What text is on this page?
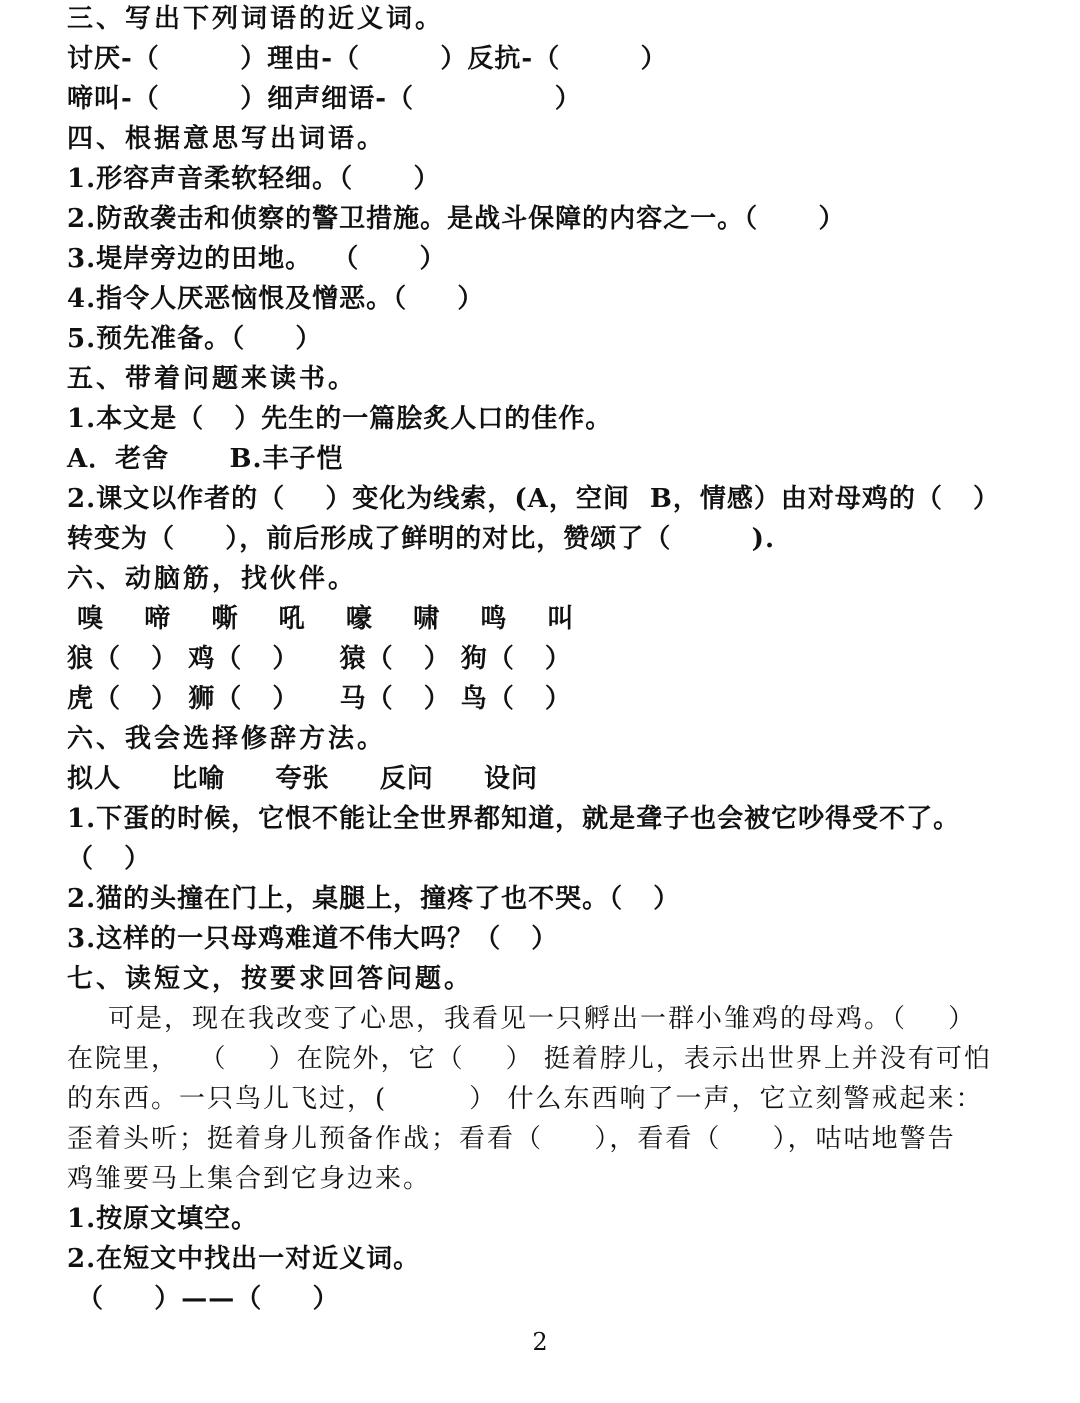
三、写出下列词语的近义词。
讨厌-（        ）理由-（        ）反抗-（        ）
啼叫-（        ）细声细语-（              ）
四、根据意思写出词语。
1.形容声音柔软轻细。（      ）
2.防敌袭击和侦察的警卫措施。是战斗保障的内容之一。（      ）
3.堤岸旁边的田地。  （      ）
4.指令人厌恶恼恨及憎恶。（     ）
5.预先准备。（     ）
五、带着问题来读书。
1.本文是（   ）先生的一篇脍炙人口的佳作。
A．老舍      B.丰子恺
2.课文以作者的（    ）变化为线索，(A，空间  B，情感）由对母鸡的（   ）
转变为（     ），前后形成了鲜明的对比，赞颂了（        ).
六、动脑筋，找伙伴。
嗅    啼    嘶    吼    嚎    啸    鸣    叫
狼（   ） 鸡（   ）    猿（   ） 狗（   ）
虎（   ） 狮（   ）    马（   ） 鸟（   ）
六、我会选择修辞方法。
拟人     比喻     夸张     反问     设问
1.下蛋的时候，它恨不能让全世界都知道，就是聋子也会被它吵得受不了。
（   ）
2.猫的头撞在门上，桌腿上，撞疼了也不哭。（   ）
3.这样的一只母鸡难道不伟大吗？（   ）
七、读短文，按要求回答问题。
可是，现在我改变了心思，我看见一只孵出一群小雏鸡的母鸡。（    ）
在院里，  （    ）在院外，它（    ） 挺着脖儿，表示出世界上并没有可怕
的东西。一只鸟儿飞过，(        ） 什么东西响了一声，它立刻警戒起来：
歪着头听；挺着身儿预备作战；看看（     ），看看（     ），咕咕地警告
鸡雏要马上集合到它身边来。
1.按原文填空。
2.在短文中找出一对近义词。
（     ）——（     ）
2
